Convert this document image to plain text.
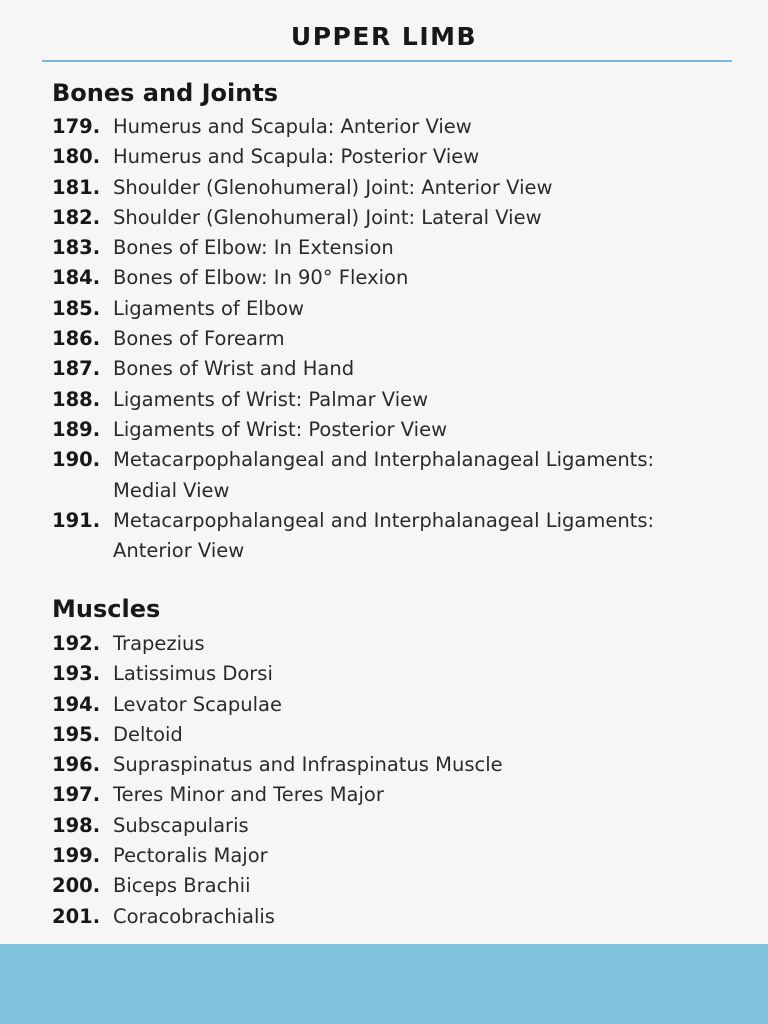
UPPER LIMB
Bones and Joints
179. Humerus and Scapula: Anterior View
180. Humerus and Scapula: Posterior View
181. Shoulder (Glenohumeral) Joint: Anterior View
182. Shoulder (Glenohumeral) Joint: Lateral View
183. Bones of Elbow: In Extension
184. Bones of Elbow: In 90° Flexion
185. Ligaments of Elbow
186. Bones of Forearm
187. Bones of Wrist and Hand
188. Ligaments of Wrist: Palmar View
189. Ligaments of Wrist: Posterior View
190. Metacarpophalangeal and Interphalanageal Ligaments: Medial View
191. Metacarpophalangeal and Interphalanageal Ligaments: Anterior View
Muscles
192. Trapezius
193. Latissimus Dorsi
194. Levator Scapulae
195. Deltoid
196. Supraspinatus and Infraspinatus Muscle
197. Teres Minor and Teres Major
198. Subscapularis
199. Pectoralis Major
200. Biceps Brachii
201. Coracobrachialis
